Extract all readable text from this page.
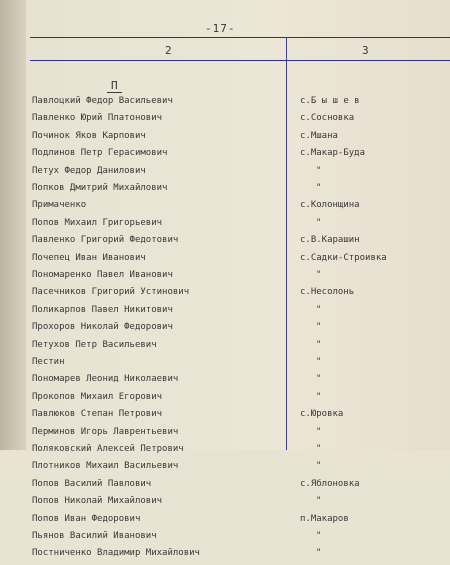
-17-
2	3
П
Павлоцкий Федор Васильевич	с.Б ы ш е в
Павленко Юрий Платонович	с.Сосновка
Починок Яков Карпович	с.Мшана
Подлинов Петр Герасимович	с.Макар-Буда
Петух Федор Данилович	"
Попков Дмитрий Михайлович	"
Примаченко	с.Колонщина
Попов Михаил Григорьевич	"
Павленко Григорий Федотович	с.В.Карашин
Почепец Иван Иванович	с.Садки-Строивка
Пономаренко Павел Иванович	"
Пасечников Григорий Устинович	с.Несолонь
Поликарпов Павел Никитович	"
Прохоров Николай Федорович	"
Петухов Петр Васильевич	"
Пестин	"
Пономарев Леонид Николаевич	"
Прокопов Михаил Егорович	"
Павлюков Степан Петрович	с.Юровка
Перминов Игорь Лаврентьевич	"
Поляковский Алексей Петрович	"
Плотников Михаил Васильевич	"
Попов Василий Павлович	с.Яблоновка
Попов Николай Михайлович	"
Попов Иван Федорович	п.Макаров
Пьянов Василий Иванович	"
Постниченко Владимир Михайлович	"
